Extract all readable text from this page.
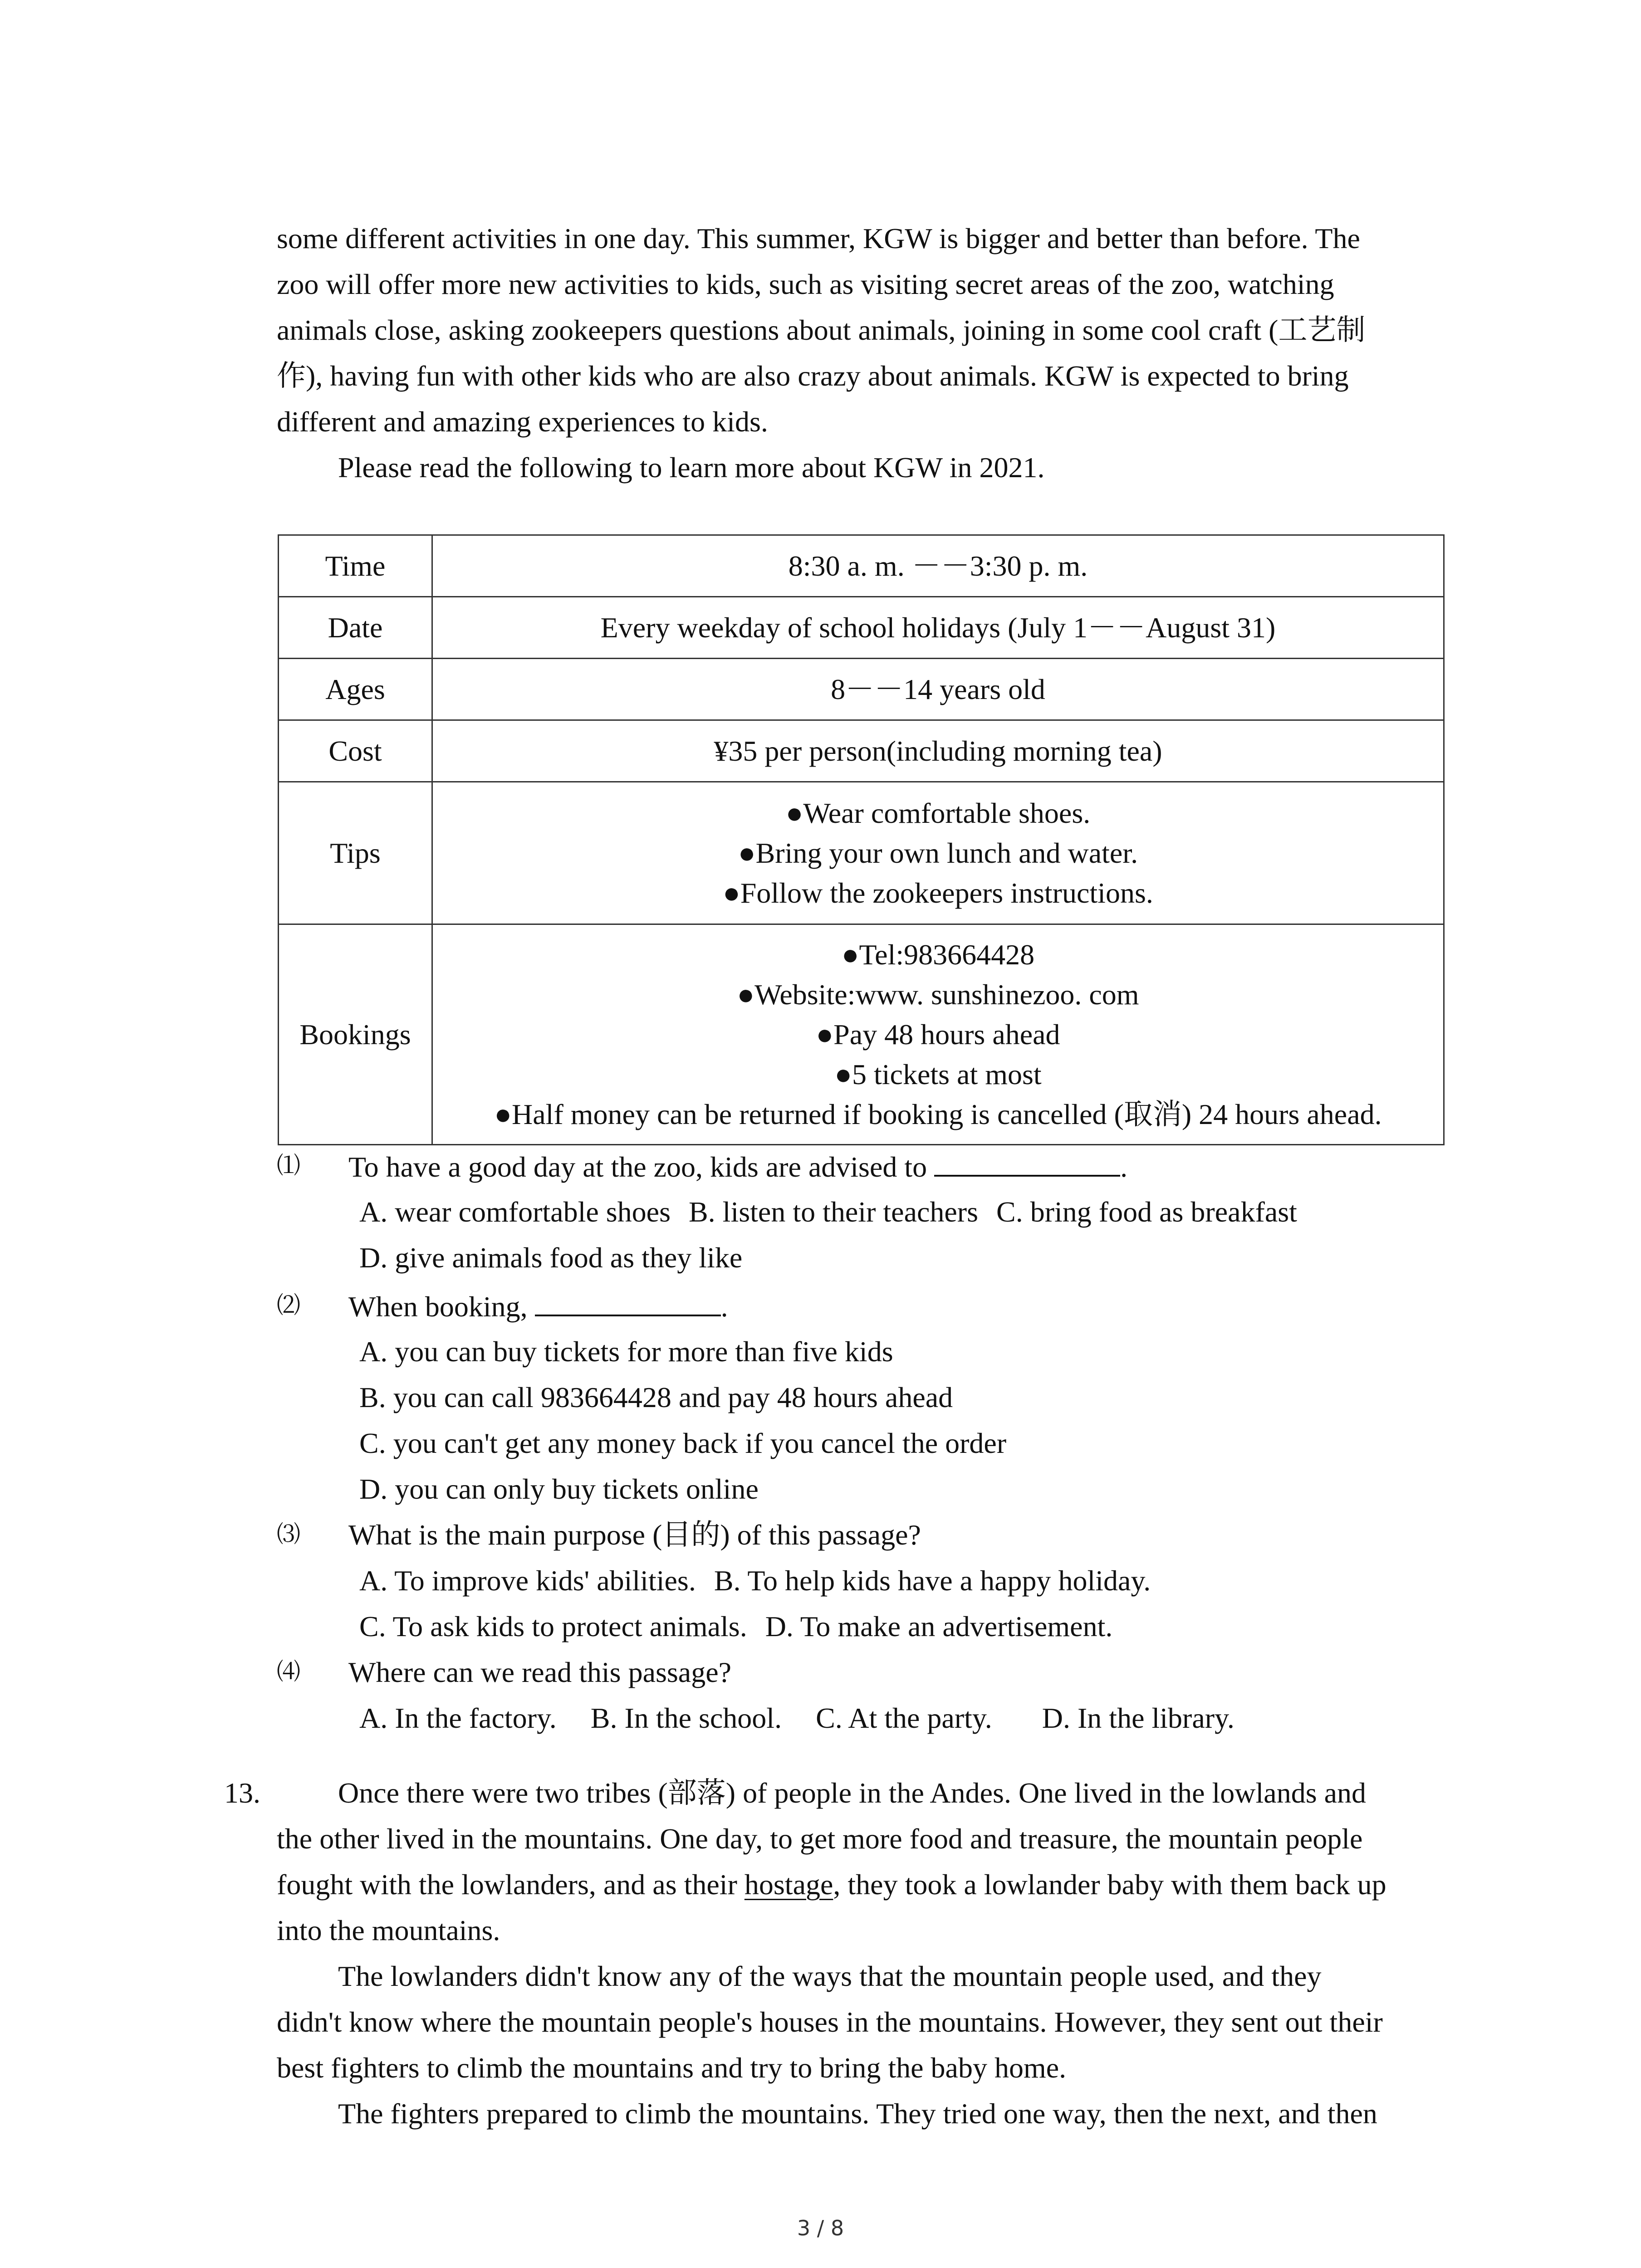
some different activities in one day. This summer, KGW is bigger and better than before. The
zoo will offer more new activities to kids, such as visiting secret areas of the zoo, watching
animals close, asking zookeepers questions about animals, joining in some cool craft (工艺制
作), having fun with other kids who are also crazy about animals. KGW is expected to bring
different and amazing experiences to kids.
Please read the following to learn more about KGW in 2021.
Time	8:30 a. m. －－3:30 p. m.
Date	Every weekday of school holidays (July 1－－August 31)
Ages	8－－14 years old
Cost	¥35 per person(including morning tea)
Tips	●Wear comfortable shoes.
●Bring your own lunch and water.
●Follow the zookeepers instructions.

Bookings	●Tel:983664428
●Website:www. sunshinezoo. com
●Pay 48 hours ahead
●5 tickets at most
●Half money can be returned if booking is cancelled (取消) 24 hours ahead.
⑴ To have a good day at the zoo, kids are advised to	.
A. wear comfortable shoes B. listen to their teachers C. bring food as breakfast
D. give animals food as they like
⑵ When booking,	.
A. you can buy tickets for more than five kids
B. you can call 983664428 and pay 48 hours ahead
C. you can't get any money back if you cancel the order
D. you can only buy tickets online
⑶ What is the main purpose (目的) of this passage?
A. To improve kids' abilities. B. To help kids have a happy holiday.
C. To ask kids to protect animals. D. To make an advertisement.
⑷ Where can we read this passage?
A. In the factory. B. In the school. C. At the party. D. In the library.
13.	Once there were two tribes (部落) of people in the Andes. One lived in the lowlands and
the other lived in the mountains. One day, to get more food and treasure, the mountain people
fought with the lowlanders, and as their hostage, they took a lowlander baby with them back up
into the mountains.
The lowlanders didn't know any of the ways that the mountain people used, and they
didn't know where the mountain people's houses in the mountains. However, they sent out their
best fighters to climb the mountains and try to bring the baby home.
The fighters prepared to climb the mountains. They tried one way, then the next, and then
3 / 8
